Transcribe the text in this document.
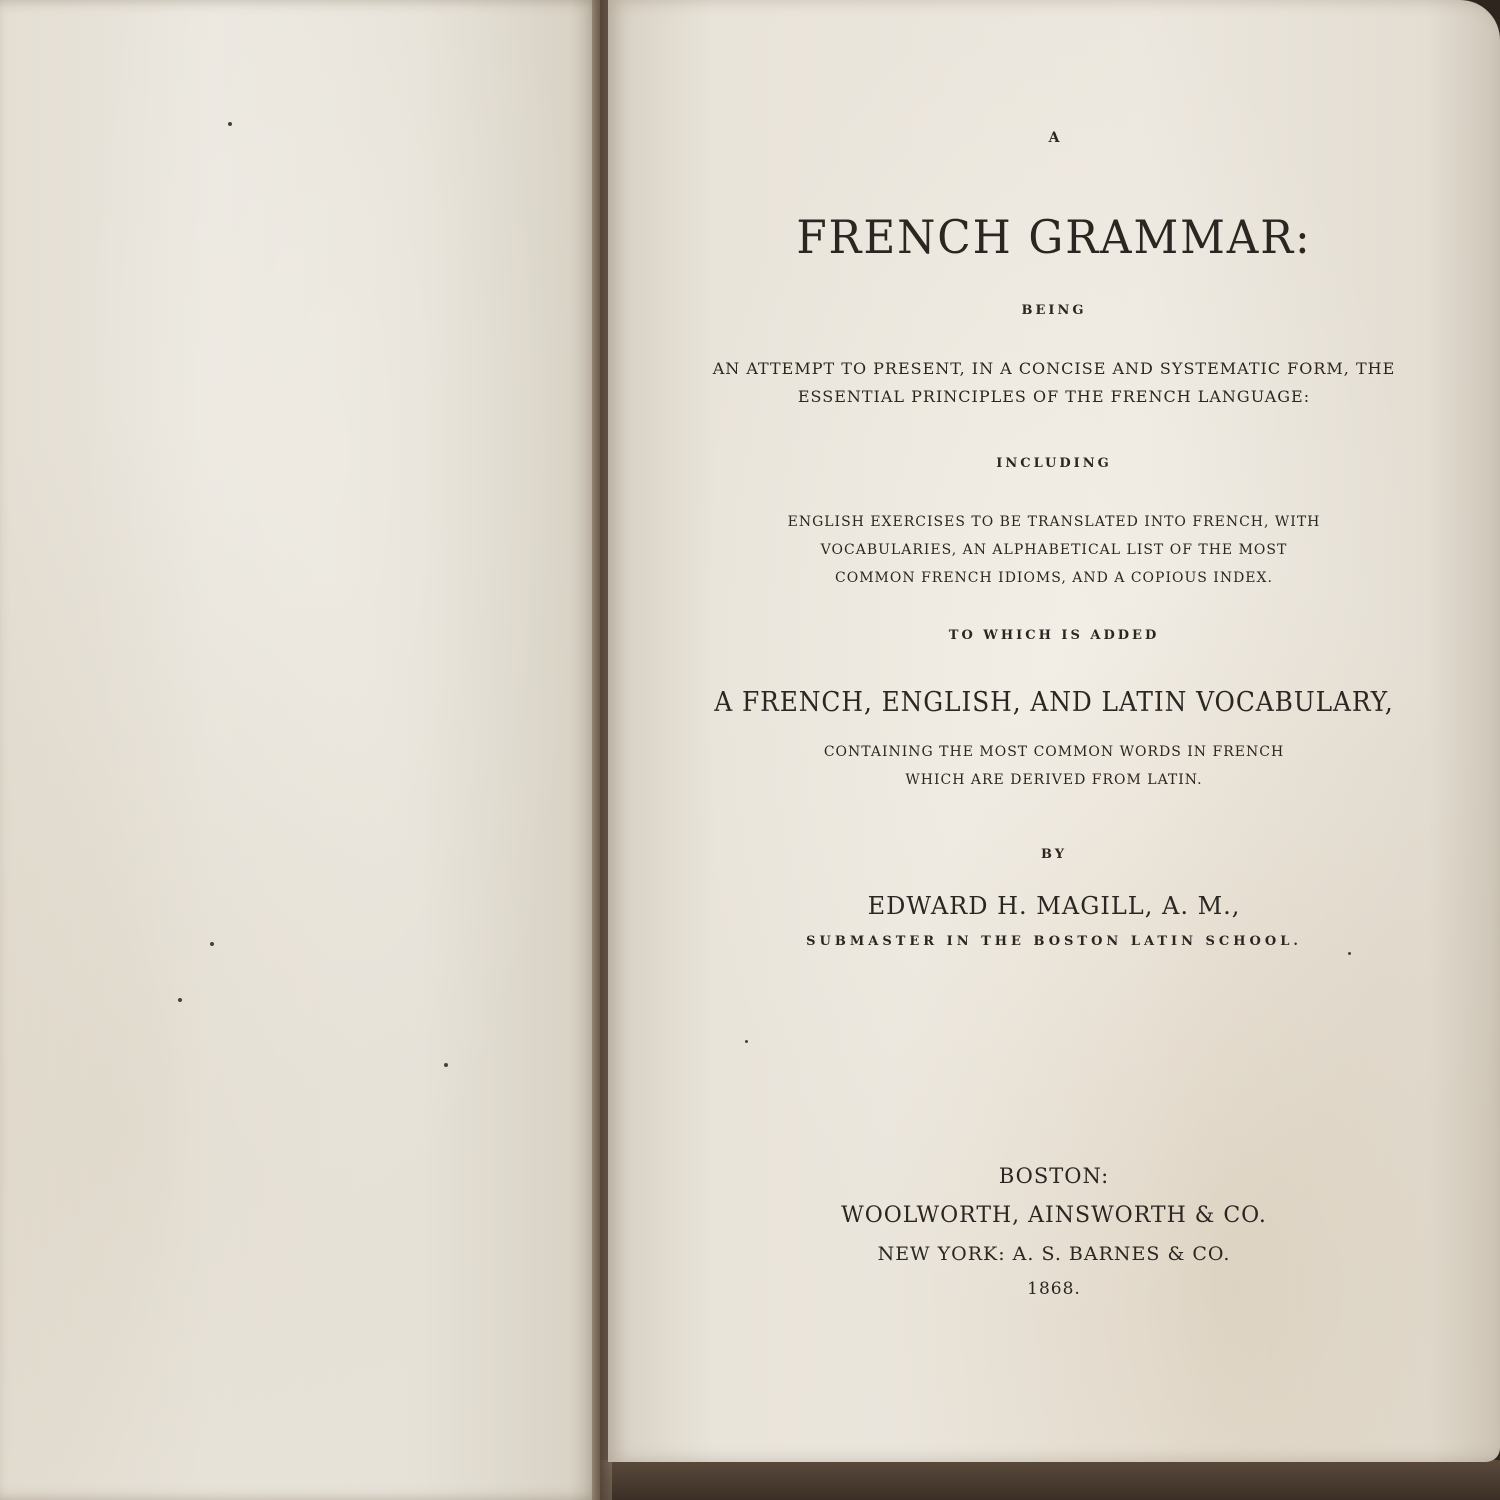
A

FRENCH GRAMMAR:

BEING

AN ATTEMPT TO PRESENT, IN A CONCISE AND SYSTEMATIC FORM, THE
ESSENTIAL PRINCIPLES OF THE FRENCH LANGUAGE:

INCLUDING

ENGLISH EXERCISES TO BE TRANSLATED INTO FRENCH, WITH
VOCABULARIES, AN ALPHABETICAL LIST OF THE MOST
COMMON FRENCH IDIOMS, AND A COPIOUS INDEX.

TO WHICH IS ADDED

A FRENCH, ENGLISH, AND LATIN VOCABULARY,

CONTAINING THE MOST COMMON WORDS IN FRENCH
WHICH ARE DERIVED FROM LATIN.

BY

EDWARD H. MAGILL, A. M.,

SUBMASTER IN THE BOSTON LATIN SCHOOL.

BOSTON:

WOOLWORTH, AINSWORTH & CO.

NEW YORK: A. S. BARNES & CO.

1868.
